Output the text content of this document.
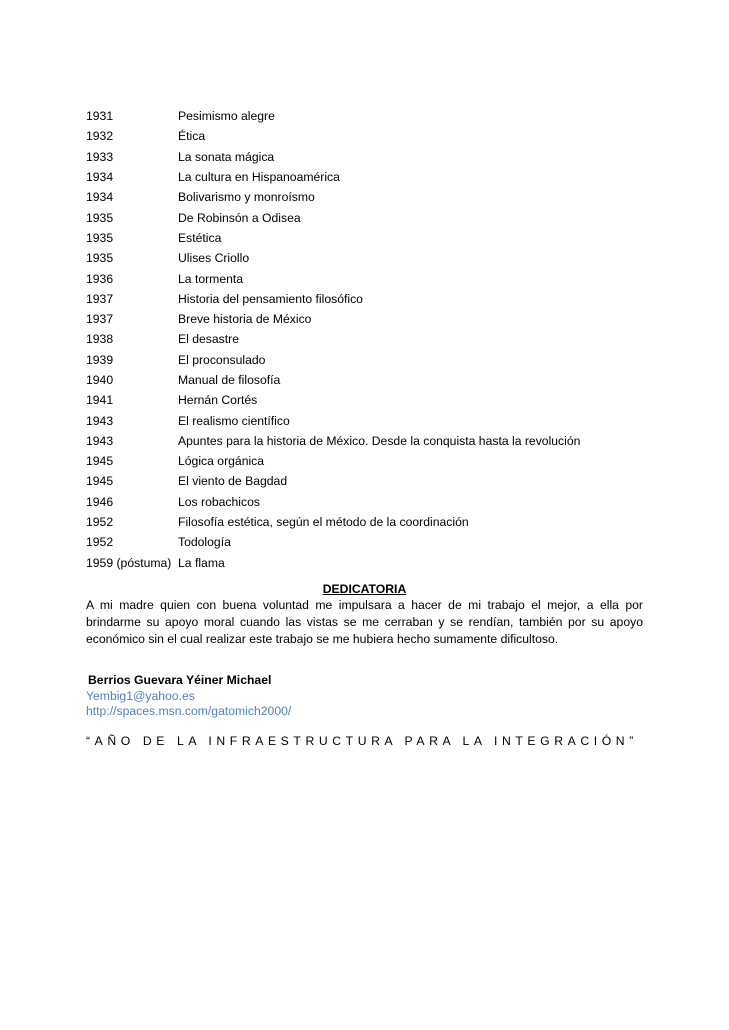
1931	Pesimismo alegre
1932	Ética
1933	La sonata mágica
1934	La cultura en Hispanoamérica
1934	Bolivarismo y monroísmo
1935	De Robinsón a Odisea
1935	Estética
1935	Ulises Criollo
1936	La tormenta
1937	Historia del pensamiento filosófico
1937	Breve historia de México
1938	El desastre
1939	El proconsulado
1940	Manual de filosofía
1941	Hernán Cortés
1943	El realismo científico
1943	Apuntes para la historia de México. Desde la conquista hasta la revolución
1945	Lógica orgánica
1945	El viento de Bagdad
1946	Los robachicos
1952	Filosofía estética, según el método de la coordinación
1952	Todología
1959 (póstuma)	La flama
DEDICATORIA
A mi madre quien con buena voluntad me impulsara a hacer de mi trabajo el mejor, a ella por brindarme su apoyo moral cuando las vistas se me cerraban y se rendían, también por su apoyo económico sin el cual realizar este trabajo se me hubiera hecho sumamente dificultoso.
Berrios Guevara Yéiner Michael
Yembig1@yahoo.es
http://spaces.msn.com/gatomich2000/
“AÑO DE LA INFRAESTRUCTURA PARA LA INTEGRACIÓN”
